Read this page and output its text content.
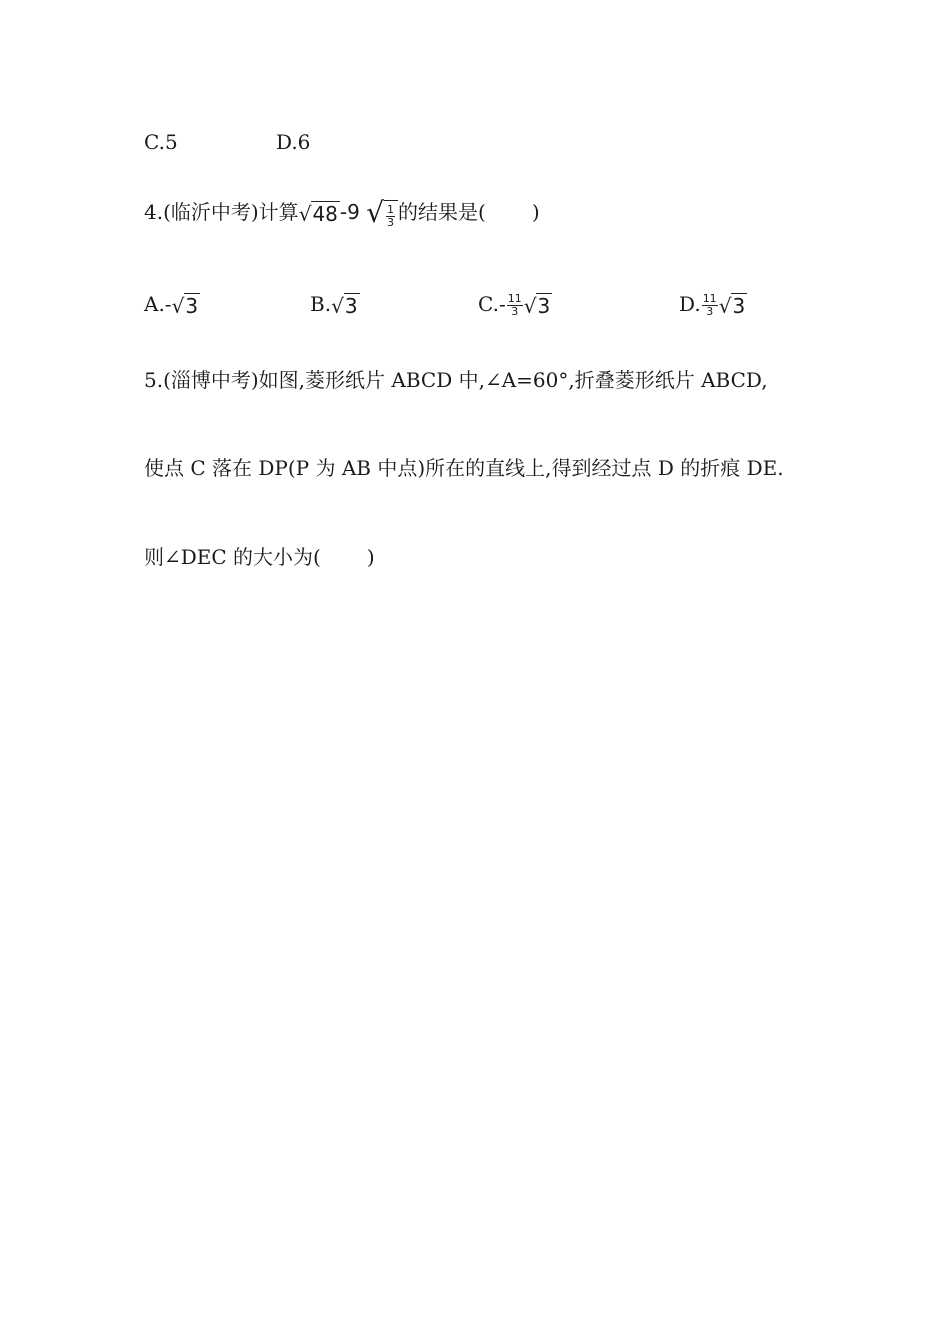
C.5	D.6
4.(临沂中考)计算√48 -9 √ $\frac{1}{3}$ 的结果是( )
A.-√3	B.√3	$C.- \frac{11}{3} √3$	D. $\frac{11}{3} √3$
5.(淄博中考)如图,菱形纸片 ABCD 中,∠A=60°,折叠菱形纸片 ABCD,
使点 C 落在 DP(P 为 AB 中点)所在的直线上,得到经过点 D 的折痕 DE.
则∠DEC 的大小为( )
